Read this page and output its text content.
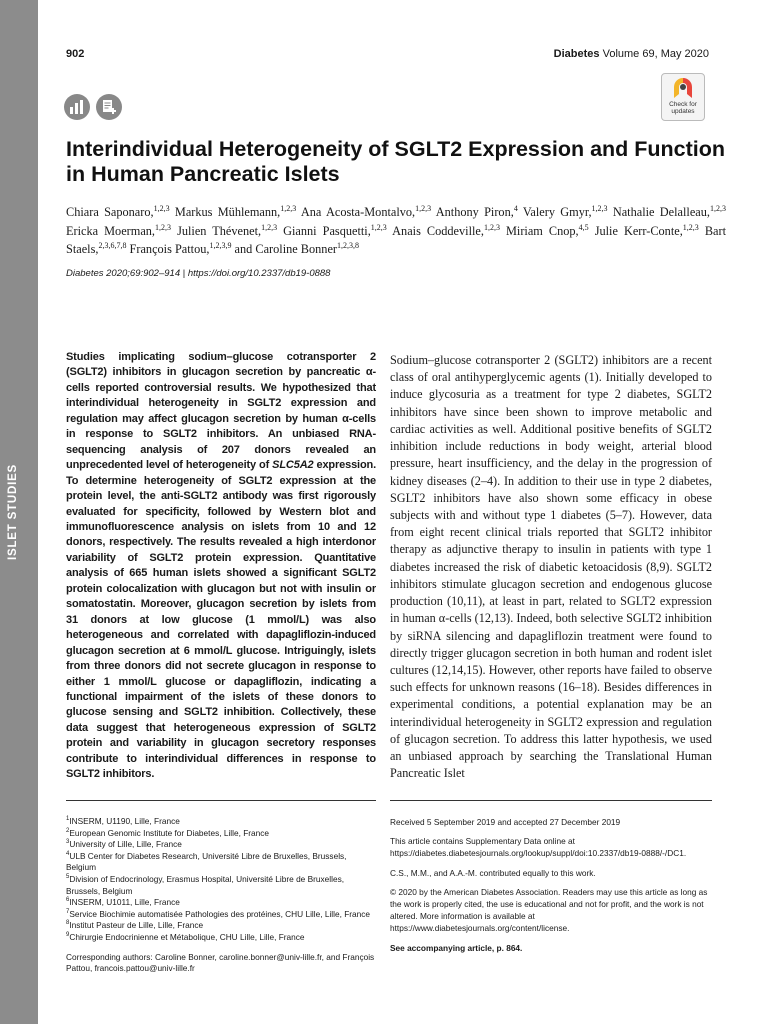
ISLET STUDIES
902	Diabetes Volume 69, May 2020
Check for updates
Interindividual Heterogeneity of SGLT2 Expression and Function in Human Pancreatic Islets
Chiara Saponaro,$^{1,2,3}$ Markus Mühlemann,$^{1,2,3}$ Ana Acosta-Montalvo,$^{1,2,3}$ Anthony Piron,$^4$ Valery Gmyr,$^{1,2,3}$ Nathalie Delalleau,$^{1,2,3}$ Ericka Moerman,$^{1,2,3}$ Julien Thévenet,$^{1,2,3}$ Gianni Pasquetti,$^{1,2,3}$ Anais Coddeville,$^{1,2,3}$ Miriam Cnop,$^{4,5}$ Julie Kerr-Conte,$^{1,2,3}$ Bart Staels,$^{2,3,6,7,8}$ François Pattou,$^{1,2,3,9}$ and Caroline Bonner$^{1,2,3,8}$
Diabetes 2020;69:902–914 | https://doi.org/10.2337/db19-0888

Studies implicating sodium–glucose cotransporter 2 (SGLT2) inhibitors in glucagon secretion by pancreatic α-cells reported controversial results. We hypothesized that interindividual heterogeneity in SGLT2 expression and regulation may affect glucagon secretion by human α-cells in response to SGLT2 inhibitors. An unbiased RNA-sequencing analysis of 207 donors revealed an unprecedented level of heterogeneity of SLC5A2 expression. To determine heterogeneity of SGLT2 expression at the protein level, the anti-SGLT2 antibody was first rigorously evaluated for specificity, followed by Western blot and immunofluorescence analysis on islets from 10 and 12 donors, respectively. The results revealed a high interdonor variability of SGLT2 protein expression. Quantitative analysis of 665 human islets showed a significant SGLT2 protein colocalization with glucagon but not with insulin or somatostatin. Moreover, glucagon secretion by islets from 31 donors at low glucose (1 mmol/L) was also heterogeneous and correlated with dapagliflozin-induced glucagon secretion at 6 mmol/L glucose. Intriguingly, islets from three donors did not secrete glucagon in response to either 1 mmol/L glucose or dapagliflozin, indicating a functional impairment of the islets of these donors to glucose sensing and SGLT2 inhibition. Collectively, these data suggest that heterogeneous expression of SGLT2 protein and variability in glucagon secretory responses contribute to interindividual differences in response to SGLT2 inhibitors.

Sodium–glucose cotransporter 2 (SGLT2) inhibitors are a recent class of oral antihyperglycemic agents (1). Initially developed to induce glycosuria as a treatment for type 2 diabetes, SGLT2 inhibitors have since been shown to improve metabolic and cardiac activities as well. Additional positive benefits of SGLT2 inhibition include reductions in body weight, arterial blood pressure, heart insufficiency, and the delay in the progression of kidney diseases (2–4). In addition to their use in type 2 diabetes, SGLT2 inhibitors have also shown some efficacy in obese subjects with and without type 1 diabetes (5–7). However, data from eight recent clinical trials reported that SGLT2 inhibitor therapy as adjunctive therapy to insulin in patients with type 1 diabetes increased the risk of diabetic ketoacidosis (8,9). SGLT2 inhibitors stimulate glucagon secretion and endogenous glucose production (10,11), at least in part, related to SGLT2 expression in human α-cells (12,13). Indeed, both selective SGLT2 inhibition by siRNA silencing and dapagliflozin treatment were found to directly trigger glucagon secretion in both human and rodent islet cultures (12,14,15). However, other reports have failed to observe such effects for unknown reasons (16–18). Besides differences in experimental conditions, a potential explanation may be an interindividual heterogeneity in SGLT2 expression and regulation of glucagon secretion. To address this latter hypothesis, we used an unbiased approach by searching the Translational Human Pancreatic Islet

$^1$INSERM, U1190, Lille, France
$^2$European Genomic Institute for Diabetes, Lille, France
$^3$University of Lille, Lille, France
$^4$ULB Center for Diabetes Research, Université Libre de Bruxelles, Brussels, Belgium
$^5$Division of Endocrinology, Erasmus Hospital, Université Libre de Bruxelles, Brussels, Belgium
$^6$INSERM, U1011, Lille, France
$^7$Service Biochimie automatisée Pathologies des protéines, CHU Lille, Lille, France
$^8$Institut Pasteur de Lille, Lille, France
$^9$Chirurgie Endocrinienne et Métabolique, CHU Lille, Lille, France
Corresponding authors: Caroline Bonner, caroline.bonner@univ-lille.fr, and François Pattou, francois.pattou@univ-lille.fr
Received 5 September 2019 and accepted 27 December 2019
This article contains Supplementary Data online at https://diabetes.diabetesjournals.org/lookup/suppl/doi:10.2337/db19-0888/-/DC1.
C.S., M.M., and A.A.-M. contributed equally to this work.
© 2020 by the American Diabetes Association. Readers may use this article as long as the work is properly cited, the use is educational and not for profit, and the work is not altered. More information is available at https://www.diabetesjournals.org/content/license.
See accompanying article, p. 864.
